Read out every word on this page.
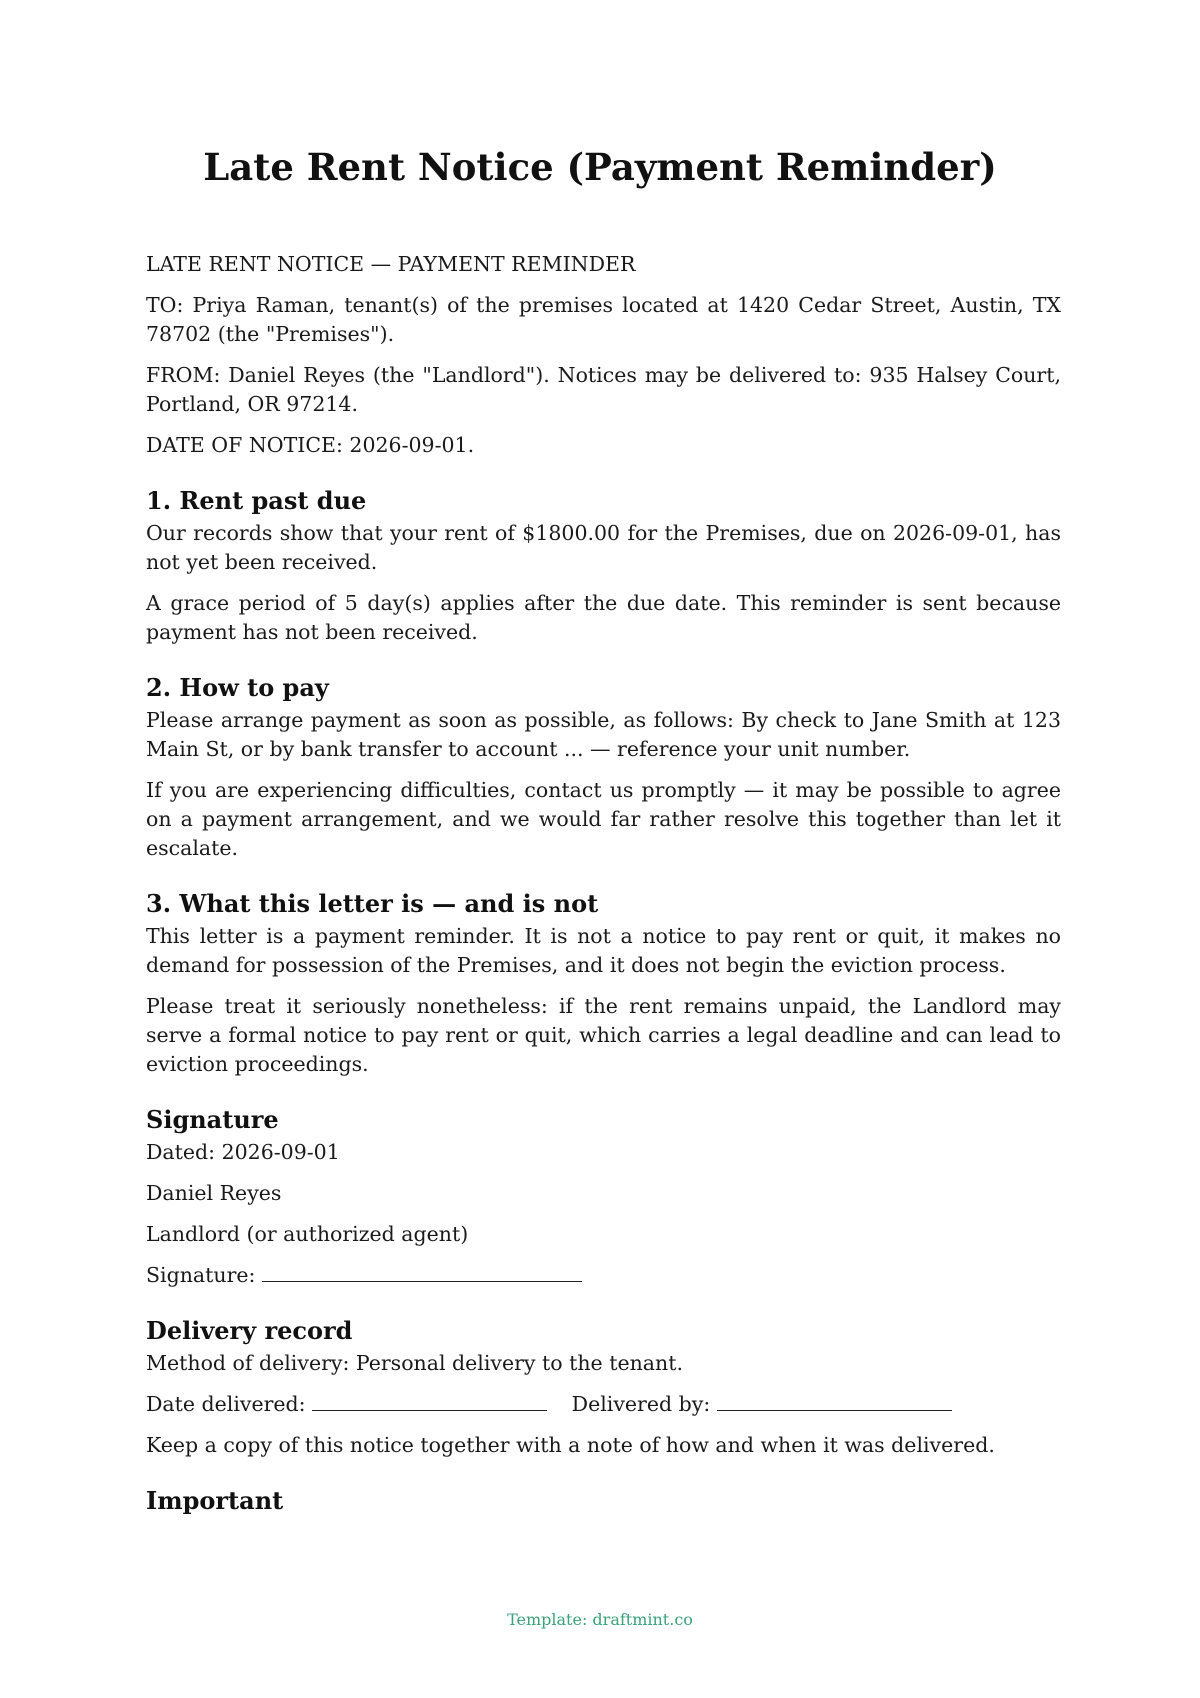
Late Rent Notice (Payment Reminder)

LATE RENT NOTICE — PAYMENT REMINDER

TO: Priya Raman, tenant(s) of the premises located at 1420 Cedar Street, Austin, TX 78702 (the "Premises").

FROM: Daniel Reyes (the "Landlord"). Notices may be delivered to: 935 Halsey Court, Portland, OR 97214.

DATE OF NOTICE: 2026-09-01.

1. Rent past due

Our records show that your rent of $1800.00 for the Premises, due on 2026-09-01, has not yet been received.

A grace period of 5 day(s) applies after the due date. This reminder is sent because payment has not been received.

2. How to pay

Please arrange payment as soon as possible, as follows: By check to Jane Smith at 123 Main St, or by bank transfer to account ... — reference your unit number.

If you are experiencing difficulties, contact us promptly — it may be possible to agree on a payment arrangement, and we would far rather resolve this together than let it escalate.

3. What this letter is — and is not

This letter is a payment reminder. It is not a notice to pay rent or quit, it makes no demand for possession of the Premises, and it does not begin the eviction process.

Please treat it seriously nonetheless: if the rent remains unpaid, the Landlord may serve a formal notice to pay rent or quit, which carries a legal deadline and can lead to eviction proceedings.

Signature

Dated: 2026-09-01

Daniel Reyes

Landlord (or authorized agent)

Signature:

Delivery record

Method of delivery: Personal delivery to the tenant.

Date delivered:	Delivered by:

Keep a copy of this notice together with a note of how and when it was delivered.

Important
Template: draftmint.co
